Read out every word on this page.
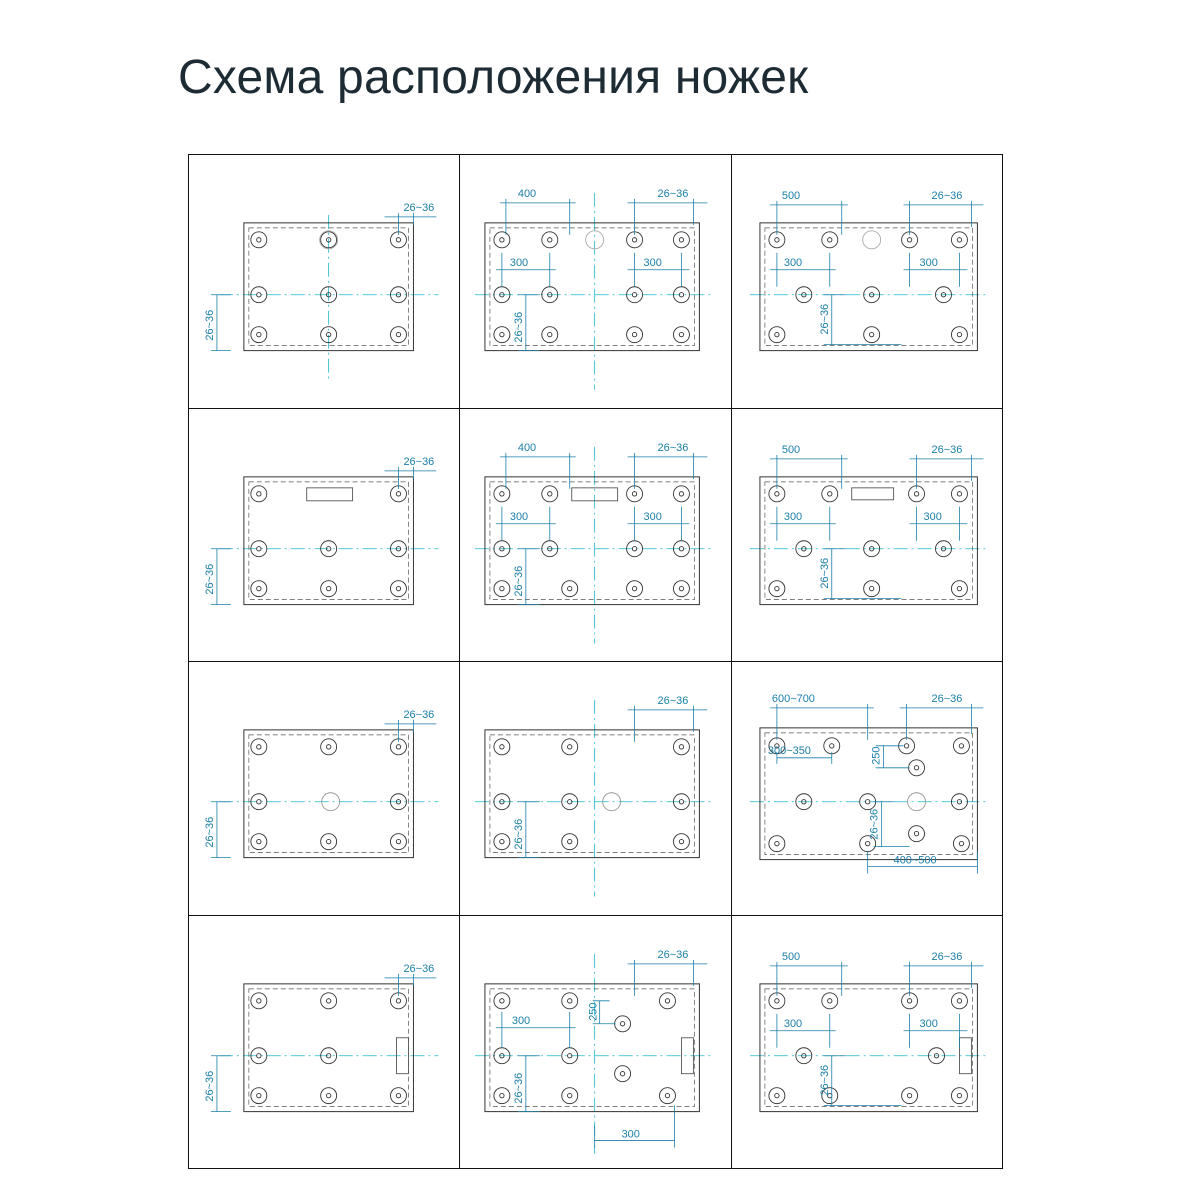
Схема расположения ножек
26~36
26~36
400	26~36
300	300
26~36
500	26~36
300	300
26~36
26~36
26~36
400	26~36
300	300
26~36
500	26~36
300	300
26~36
26~36
26~36
26~36
26~36
600~700	26~36
300~350	250
26~36
400~500
26~36
26~36
26~36
250
300
26~36
300
500	26~36
300	300
26~36
